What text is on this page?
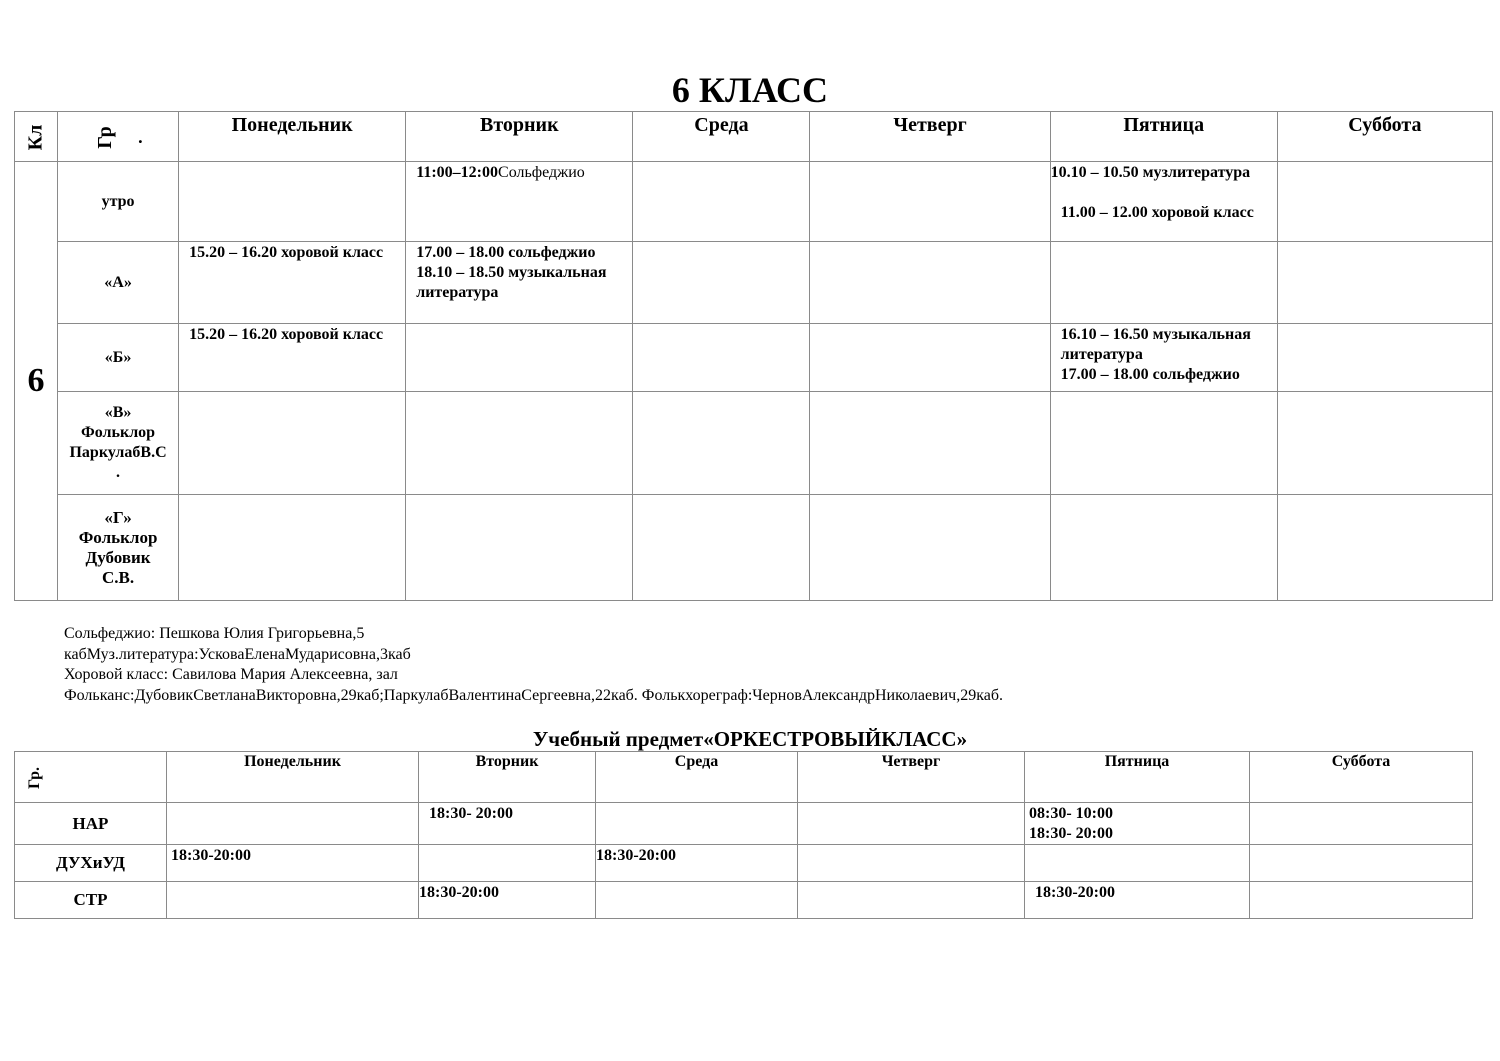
6 КЛАСС
Кл	Гр .	Понедельник	Вторник	Среда	Четверг	Пятница	Суббота
6	утро		11:00–12:00Сольфеджио			10.10 – 10.50 музлитература
11.00 – 12.00 хоровой класс	

	«А»	15.20 – 16.20 хоровой класс	17.00 – 18.00 сольфеджио
18.10 – 18.50 музыкальная литература				

	«Б»	15.20 – 16.20 хоровой класс				16.10 – 16.50 музыкальная литература
17.00 – 18.00 сольфеджио	

	«В»
Фольклор
ПаркулабВ.С
.						

	«Г»
Фольклор
Дубовик
С.В.						

Сольфеджио: Пешкова Юлия Григорьевна,5
кабМуз.литература:УсковаЕленаМударисовна,3каб
Хоровой класс: Савилова Мария Алексеевна, зал
Фольканс:ДубовикСветланаВикторовна,29каб;ПаркулабВалентинаСергеевна,22каб. Фолькхореграф:ЧерновАлександрНиколаевич,29каб.
Учебный предмет«ОРКЕСТРОВЫЙКЛАСС»
Гр.	Понедельник	Вторник	Среда	Четверг	Пятница	Суббота
НАР		18:30- 20:00			08:30- 10:00
18:30- 20:00	

ДУХиУД	18:30-20:00		18:30-20:00			

СТР		18:30-20:00			18:30-20:00	
